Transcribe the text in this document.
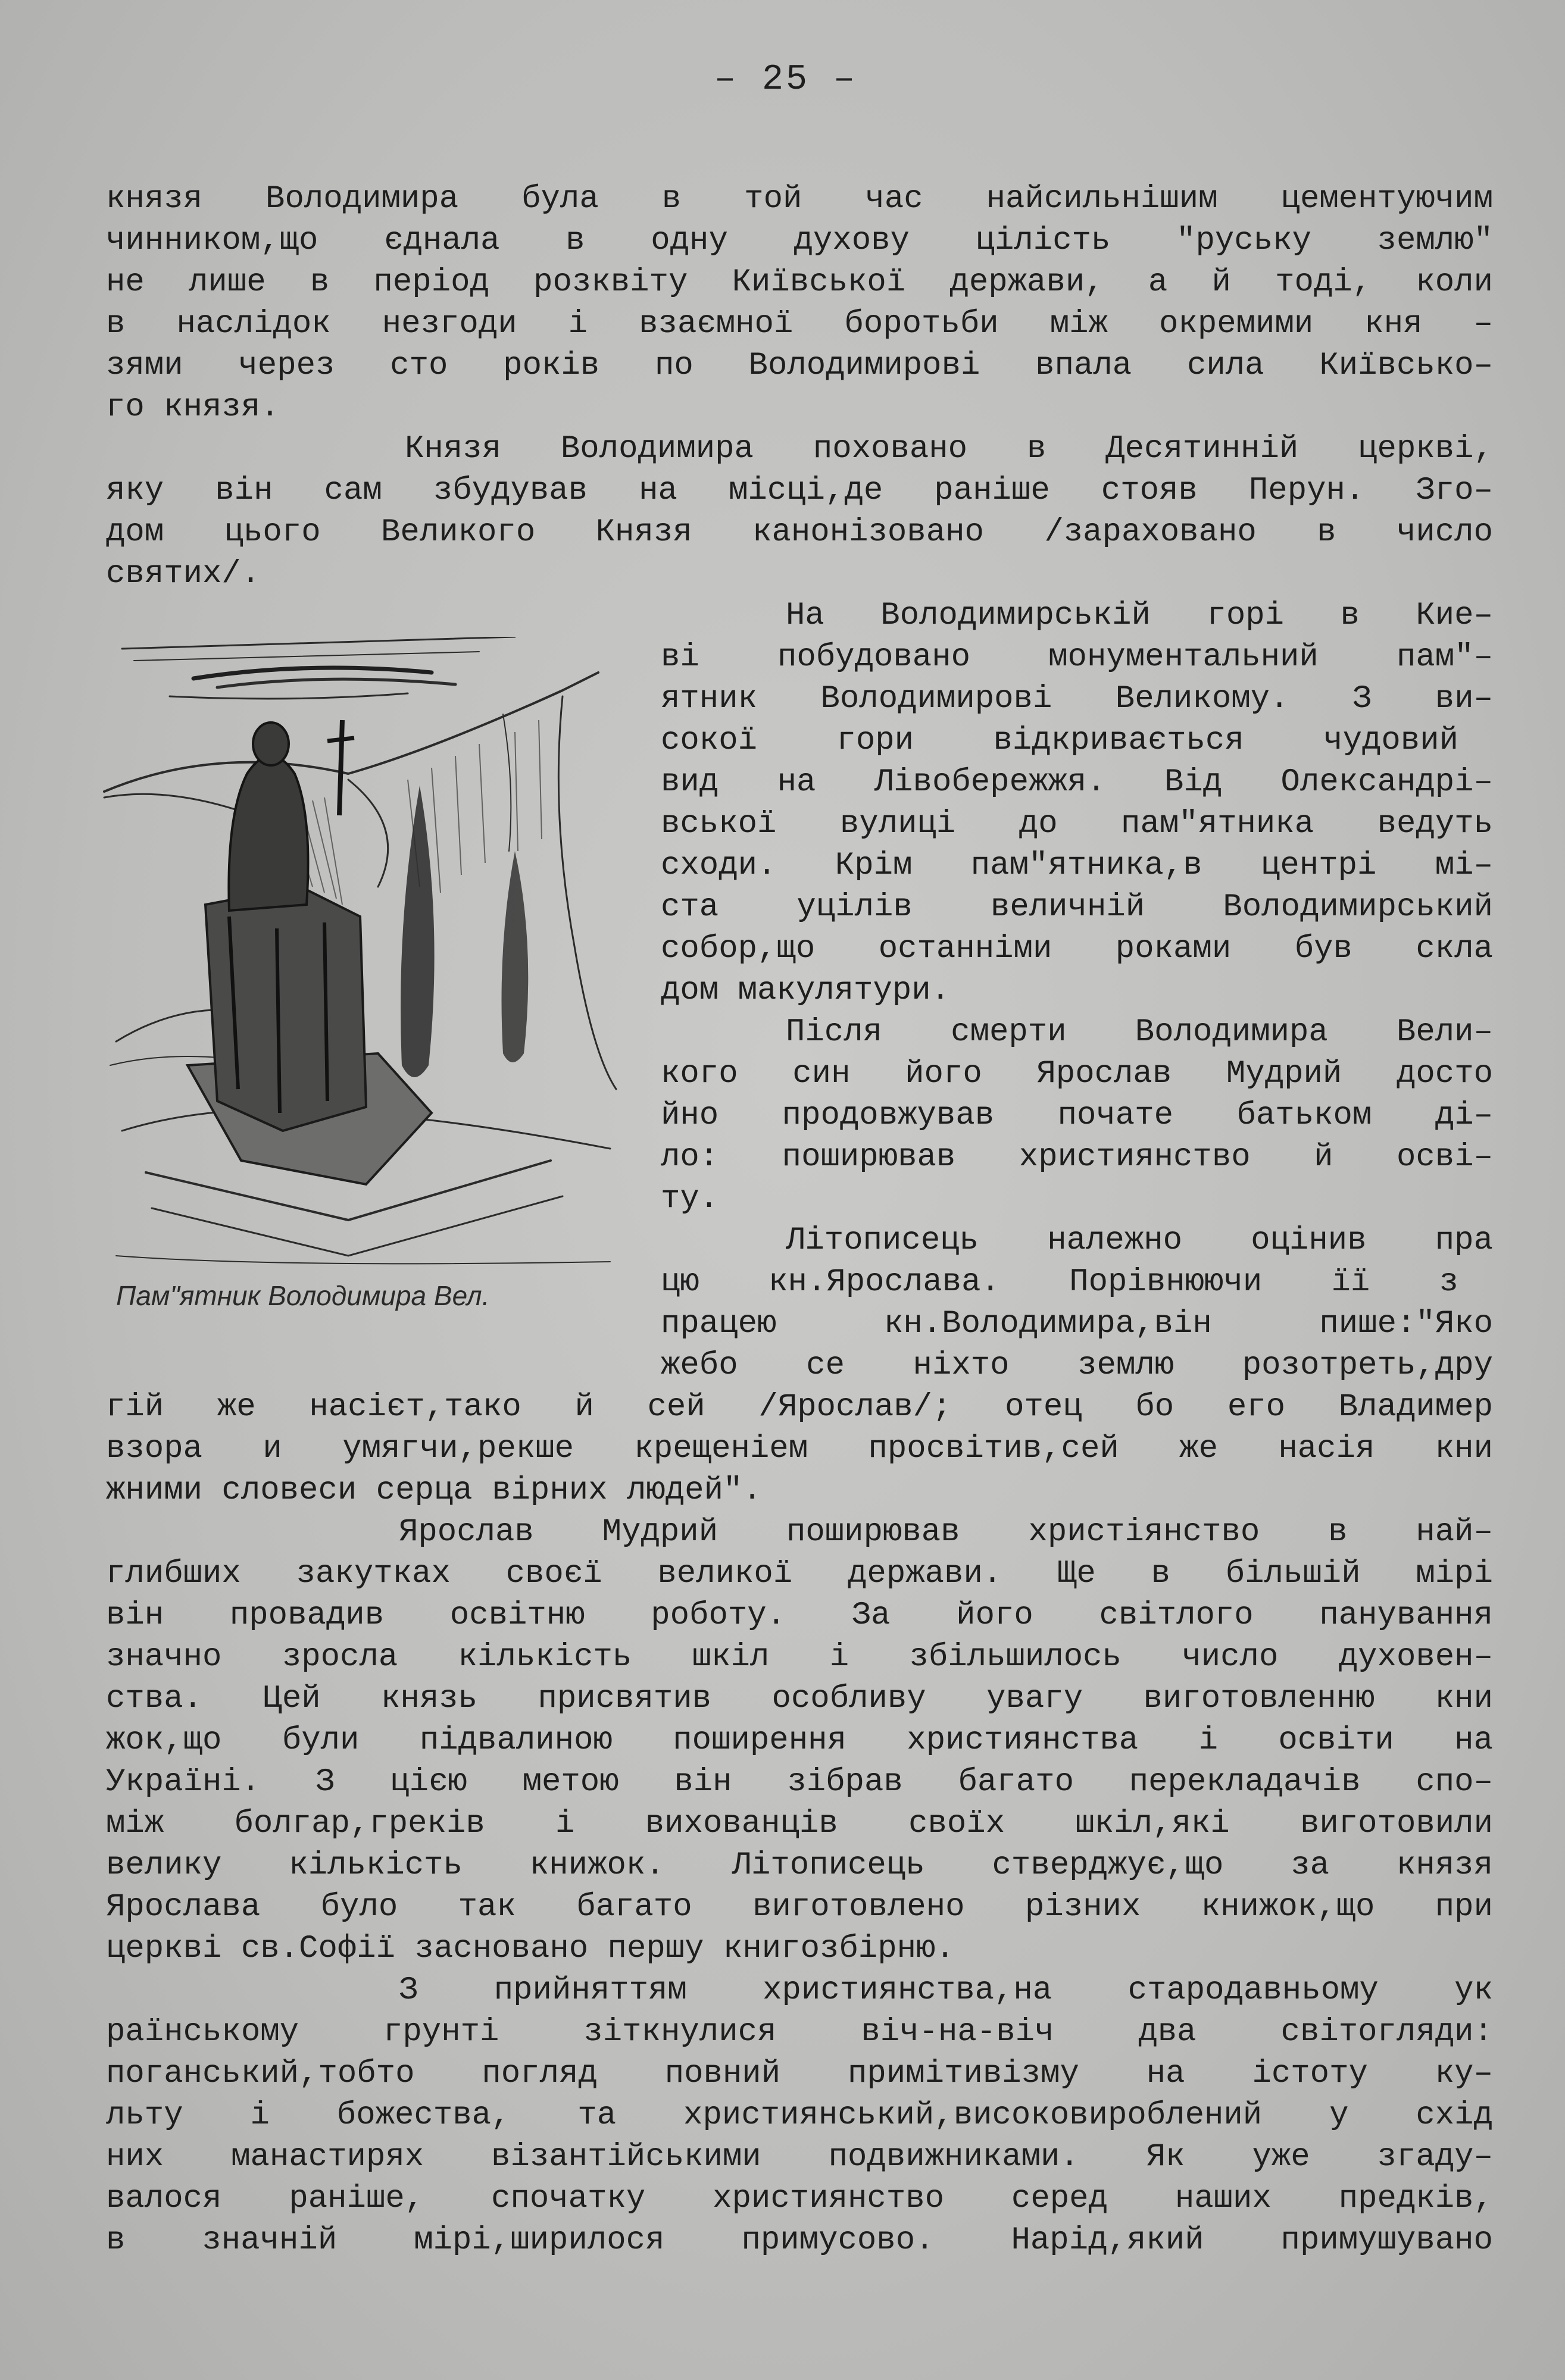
– 25 –
князя Володимира була в той час найсильнішим цементуючим
чинником,що єднала в одну духову цілість "руську землю"
не лише в період розквіту Київської держави, а й тоді, коли
в наслідок незгоди і взаємної боротьби між окремими кня –
зями через сто років по Володимирові впала сила Київсько–
го князя.
Князя Володимира поховано в Десятинній церкві,
яку він сам збудував на місці,де раніше стояв Перун. Зго–
дом цього Великого Князя канонізовано /зараховано в число
святих/.
На Володимирській горі в Кие–
ві побудовано монументальний пам"–
ятник Володимирові Великому. З ви–
сокої гори відкривається чудовий
вид на Лівобережжя. Від Олександрі–
вської вулиці до пам"ятника ведуть
сходи. Крім пам"ятника,в центрі мі–
ста уцілів величній Володимирський
собор,що останніми роками був скла
дом макулятури.
Після смерти Володимира Вели–
кого син його Ярослав Мудрий досто
йно продовжував почате батьком ді–
ло: поширював християнство й осві–
ту.
Літописець належно оцінив пра
цю кн.Ярослава. Порівнюючи її з
працею кн.Володимира,він пише:"Яко
жебо се ніхто землю розотреть,дру
гій же насієт,тако й сей /Ярослав/; отец бо его Владимер
взора и умягчи,рекше крещеніем просвітив,сей же насія кни
жними словеси серца вірних людей".
Ярослав Мудрий поширював христіянство в най–
глибших закутках своєї великої держави. Ще в більшій мірі
він провадив освітню роботу. За його світлого панування
значно зросла кількість шкіл і збільшилось число духовен–
ства. Цей князь присвятив особливу увагу виготовленню кни
жок,що були підвалиною поширення християнства і освіти на
Україні. З цією метою він зібрав багато перекладачів спо–
між болгар,греків і вихованців своїх шкіл,які виготовили
велику кількість книжок. Літописець стверджує,що за князя
Ярослава було так багато виготовлено різних книжок,що при
церкві св.Софії засновано першу книгозбірню.
З прийняттям християнства,на стародавньому ук
раїнському грунті зіткнулися віч-на-віч два світогляди:
поганський,тобто погляд повний примітивізму на істоту ку–
льту і божества, та християнський,високовироблений у схід
них манастирях візантійськими подвижниками. Як уже згаду–
валося раніше, спочатку християнство серед наших предків,
в значній мірі,ширилося примусово. Нарід,який примушувано
Пам"ятник Володимира Вел.
